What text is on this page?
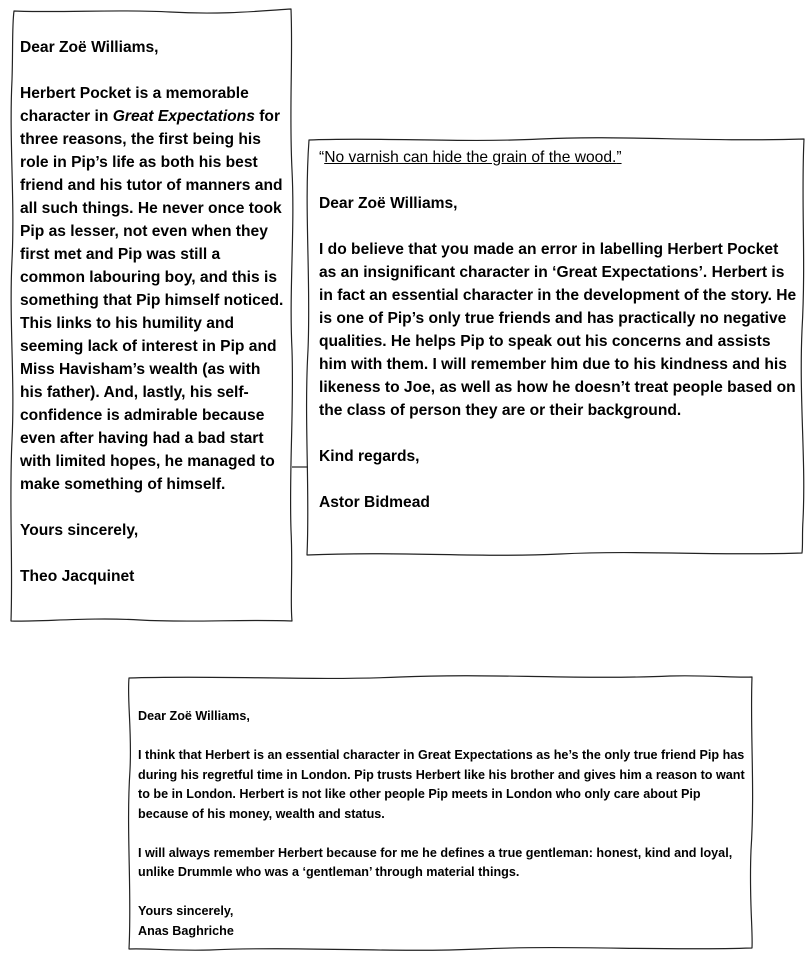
Dear Zoë Williams,

Herbert Pocket is a memorable character in Great Expectations for three reasons, the first being his role in Pip’s life as both his best friend and his tutor of manners and all such things. He never once took Pip as lesser, not even when they first met and Pip was still a common labouring boy, and this is something that Pip himself noticed. This links to his humility and seeming lack of interest in Pip and Miss Havisham’s wealth (as with his father). And, lastly, his self-confidence is admirable because even after having had a bad start with limited hopes, he managed to make something of himself.

Yours sincerely,

Theo Jacquinet

“No varnish can hide the grain of the wood.”

Dear Zoë Williams,

I do believe that you made an error in labelling Herbert Pocket as an insignificant character in ‘Great Expectations’. Herbert is in fact an essential character in the development of the story. He is one of Pip’s only true friends and has practically no negative qualities. He helps Pip to speak out his concerns and assists him with them. I will remember him due to his kindness and his likeness to Joe, as well as how he doesn’t treat people based on the class of person they are or their background.

Kind regards,

Astor Bidmead

Dear Zoë Williams,

I think that Herbert is an essential character in Great Expectations as he’s the only true friend Pip has during his regretful time in London. Pip trusts Herbert like his brother and gives him a reason to want to be in London. Herbert is not like other people Pip meets in London who only care about Pip because of his money, wealth and status.

I will always remember Herbert because for me he defines a true gentleman: honest, kind and loyal, unlike Drummle who was a ‘gentleman’ through material things.

Yours sincerely,

Anas Baghriche
